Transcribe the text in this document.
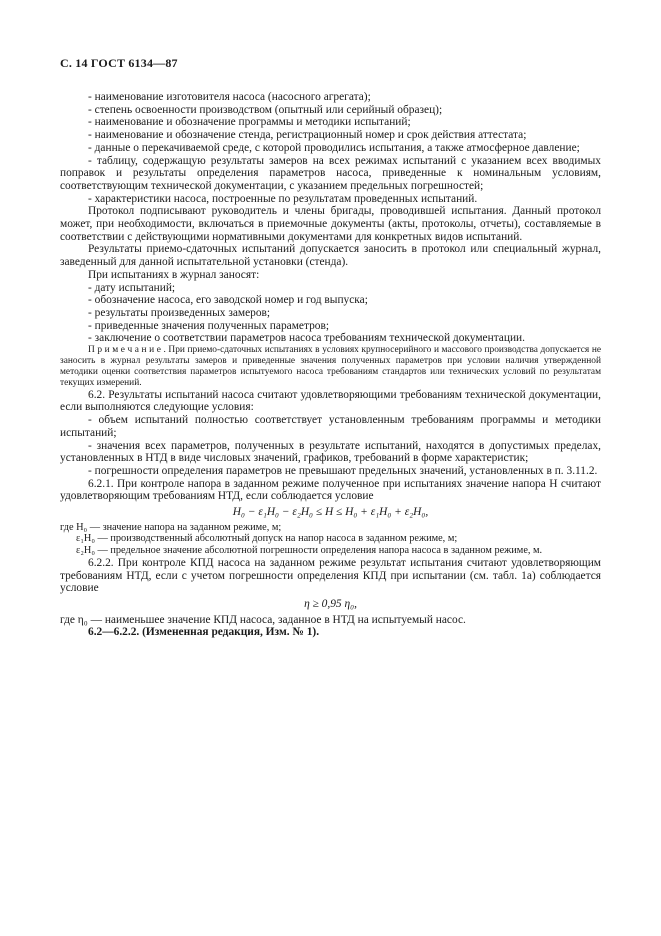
С. 14 ГОСТ 6134—87
- наименование изготовителя насоса (насосного агрегата);
- степень освоенности производством (опытный или серийный образец);
- наименование и обозначение программы и методики испытаний;
- наименование и обозначение стенда, регистрационный номер и срок действия аттестата;
- данные о перекачиваемой среде, с которой проводились испытания, а также атмосферное давление;
- таблицу, содержащую результаты замеров на всех режимах испытаний с указанием всех вводимых поправок и результаты определения параметров насоса, приведенные к номинальным условиям, соответствующим технической документации, с указанием предельных погрешностей;
- характеристики насоса, построенные по результатам проведенных испытаний.
Протокол подписывают руководитель и члены бригады, проводившей испытания. Данный протокол может, при необходимости, включаться в приемочные документы (акты, протоколы, отчеты), составляемые в соответствии с действующими нормативными документами для конкретных видов испытаний.
Результаты приемо-сдаточных испытаний допускается заносить в протокол или специальный журнал, заведенный для данной испытательной установки (стенда).
При испытаниях в журнал заносят:
- дату испытаний;
- обозначение насоса, его заводской номер и год выпуска;
- результаты произведенных замеров;
- приведенные значения полученных параметров;
- заключение о соответствии параметров насоса требованиям технической документации.
П р и м е ч а н и е . При приемо-сдаточных испытаниях в условиях крупносерийного и массового производства допускается не заносить в журнал результаты замеров и приведенные значения полученных параметров при условии наличия утвержденной методики оценки соответствия параметров испытуемого насоса требованиям стандартов или технических условий по результатам текущих измерений.
6.2. Результаты испытаний насоса считают удовлетворяющими требованиям технической документации, если выполняются следующие условия:
- объем испытаний полностью соответствует установленным требованиям программы и методики испытаний;
- значения всех параметров, полученных в результате испытаний, находятся в допустимых пределах, установленных в НТД в виде числовых значений, графиков, требований в форме характеристик;
- погрешности определения параметров не превышают предельных значений, установленных в п. 3.11.2.
6.2.1. При контроле напора в заданном режиме полученное при испытаниях значение напора Н считают удовлетворяющим требованиям НТД, если соблюдается условие
Н₀ − ε₁Н₀ − ε₂Н₀ ≤ Н ≤ Н₀ + ε₁Н₀ + ε₂Н₀,
где Н₀ — значение напора на заданном режиме, м;
ε₁Н₀ — производственный абсолютный допуск на напор насоса в заданном режиме, м;
ε₂Н₀ — предельное значение абсолютной погрешности определения напора насоса в заданном режиме, м.
6.2.2. При контроле КПД насоса на заданном режиме результат испытания считают удовлетворяющим требованиям НТД, если с учетом погрешности определения КПД при испытании (см. табл. 1а) соблюдается условие
η ≥ 0,95 η₀,
где η₀ — наименьшее значение КПД насоса, заданное в НТД на испытуемый насос.
6.2—6.2.2. (Измененная редакция, Изм. № 1).
